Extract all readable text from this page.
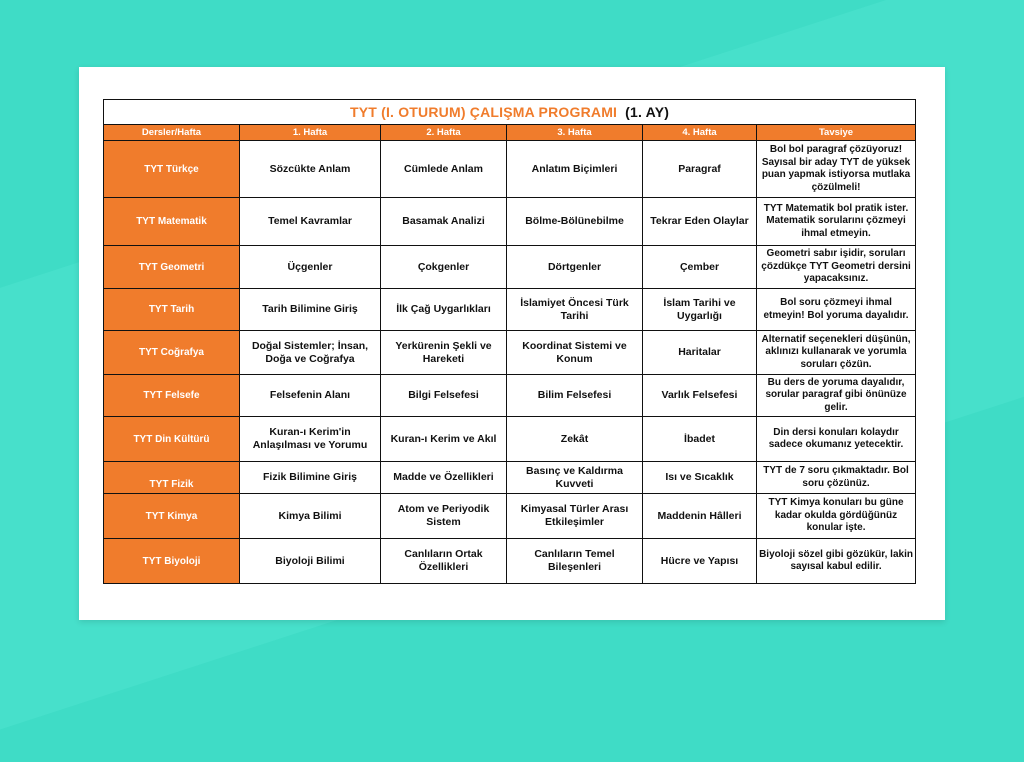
TYT (I. OTURUM) ÇALIŞMA PROGRAMI (1. AY)					
Dersler/Hafta	1. Hafta	2. Hafta	3. Hafta	4. Hafta	Tavsiye
TYT Türkçe	Sözcükte Anlam	Cümlede Anlam	Anlatım Biçimleri	Paragraf	Bol bol paragraf çözüyoruz! Sayısal bir aday TYT de yüksek puan yapmak istiyorsa mutlaka çözülmeli!
TYT Matematik	Temel Kavramlar	Basamak Analizi	Bölme-Bölünebilme	Tekrar Eden Olaylar	TYT Matematik bol pratik ister. Matematik sorularını çözmeyi ihmal etmeyin.
TYT Geometri	Üçgenler	Çokgenler	Dörtgenler	Çember	Geometri sabır işidir, soruları çözdükçe TYT Geometri dersini yapacaksınız.
TYT Tarih	Tarih Bilimine Giriş	İlk Çağ Uygarlıkları	İslamiyet Öncesi Türk Tarihi	İslam Tarihi ve Uygarlığı	Bol soru çözmeyi ihmal etmeyin! Bol yoruma dayalıdır.
TYT Coğrafya	Doğal Sistemler; İnsan, Doğa ve Coğrafya	Yerkürenin Şekli ve Hareketi	Koordinat Sistemi ve Konum	Haritalar	Alternatif seçenekleri düşünün, aklınızı kullanarak ve yorumla soruları çözün.
TYT Felsefe	Felsefenin Alanı	Bilgi Felsefesi	Bilim Felsefesi	Varlık Felsefesi	Bu ders de yoruma dayalıdır, sorular paragraf gibi önünüze gelir.
TYT Din Kültürü	Kuran-ı Kerim'in Anlaşılması ve Yorumu	Kuran-ı Kerim ve Akıl	Zekât	İbadet	Din dersi konuları kolaydır sadece okumanız yetecektir.
TYT Fizik	Fizik Bilimine Giriş	Madde ve Özellikleri	Basınç ve Kaldırma Kuvveti	Isı ve Sıcaklık	TYT de 7 soru çıkmaktadır. Bol soru çözünüz.
TYT Kimya	Kimya Bilimi	Atom ve Periyodik Sistem	Kimyasal Türler Arası Etkileşimler	Maddenin Hâlleri	TYT Kimya konuları bu güne kadar okulda gördüğünüz konular işte.
TYT Biyoloji	Biyoloji Bilimi	Canlıların Ortak Özellikleri	Canlıların Temel Bileşenleri	Hücre ve Yapısı	Biyoloji sözel gibi gözükür, lakin sayısal kabul edilir.
